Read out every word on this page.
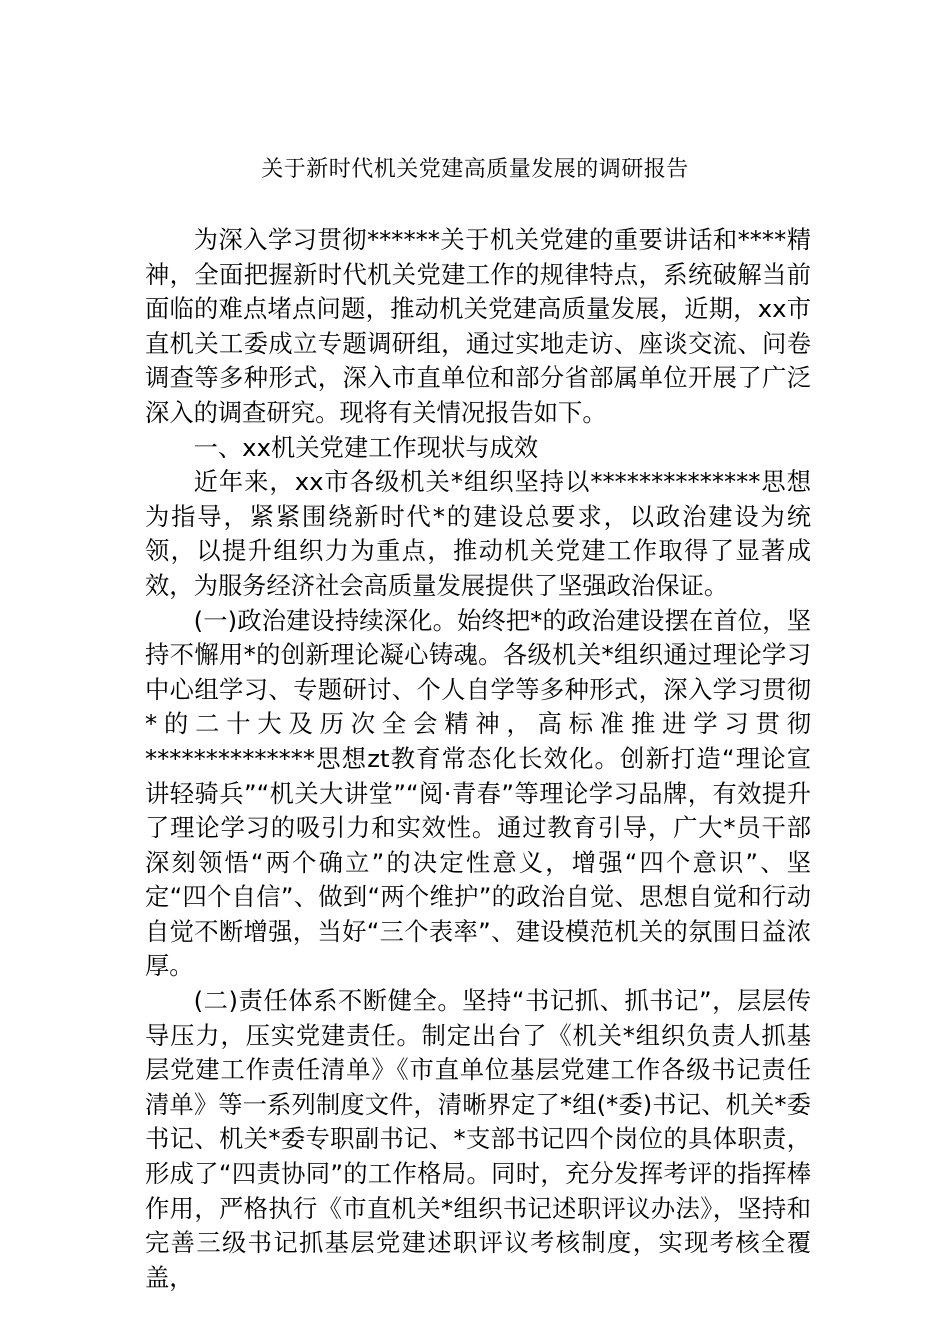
关于新时代机关党建高质量发展的调研报告

为深入学习贯彻******关于机关党建的重要讲话和****精神，全面把握新时代机关党建工作的规律特点，系统破解当前面临的难点堵点问题，推动机关党建高质量发展，近期，xx市直机关工委成立专题调研组，通过实地走访、座谈交流、问卷调查等多种形式，深入市直单位和部分省部属单位开展了广泛深入的调查研究。现将有关情况报告如下。

一、xx机关党建工作现状与成效

近年来，xx市各级机关*组织坚持以**************思想为指导，紧紧围绕新时代*的建设总要求，以政治建设为统领，以提升组织力为重点，推动机关党建工作取得了显著成效，为服务经济社会高质量发展提供了坚强政治保证。

(一)政治建设持续深化。始终把*的政治建设摆在首位，坚持不懈用*的创新理论凝心铸魂。各级机关*组织通过理论学习中心组学习、专题研讨、个人自学等多种形式，深入学习贯彻*的二十大及历次全会精神，高标准推进学习贯彻**************思想zt教育常态化长效化。创新打造“理论宣讲轻骑兵”“机关大讲堂”“阅·青春”等理论学习品牌，有效提升了理论学习的吸引力和实效性。通过教育引导，广大*员干部深刻领悟“两个确立”的决定性意义，增强“四个意识”、坚定“四个自信”、做到“两个维护”的政治自觉、思想自觉和行动自觉不断增强，当好“三个表率”、建设模范机关的氛围日益浓厚。

(二)责任体系不断健全。坚持“书记抓、抓书记”，层层传导压力，压实党建责任。制定出台了《机关*组织负责人抓基层党建工作责任清单》《市直单位基层党建工作各级书记责任清单》等一系列制度文件，清晰界定了*组(*委)书记、机关*委书记、机关*委专职副书记、*支部书记四个岗位的具体职责，形成了“四责协同”的工作格局。同时，充分发挥考评的指挥棒作用，严格执行《市直机关*组织书记述职评议办法》，坚持和完善三级书记抓基层党建述职评议考核制度，实现考核全覆盖，
